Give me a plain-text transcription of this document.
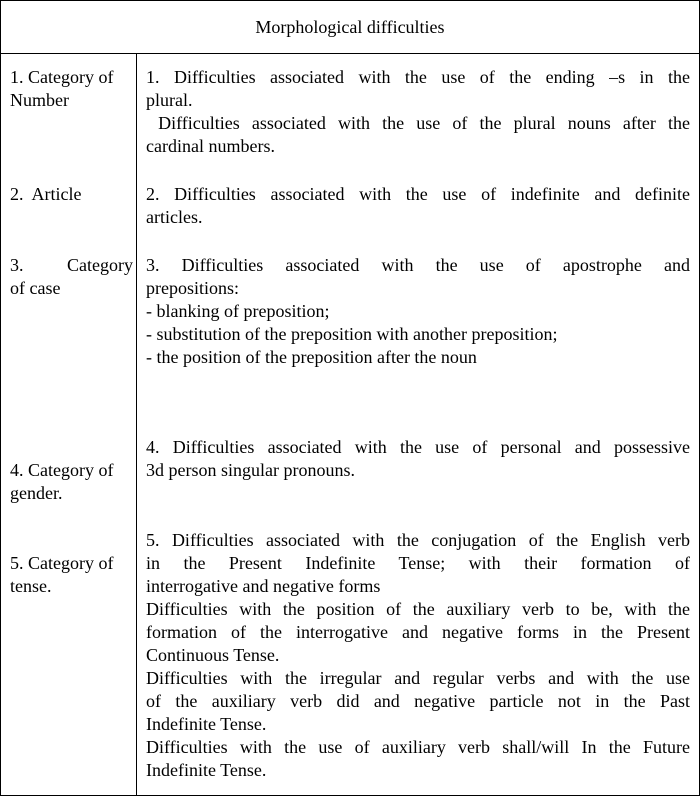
Morphological difficulties

1. Category of

Number

1. Difficulties associated with the use of the ending –s in the

plural.

Difficulties associated with the use of the plural nouns after the

cardinal numbers.

2.  Article	2. Difficulties associated with the use of indefinite and definite

articles.

3. Category

of case

3. Difficulties associated with the use of apostrophe and

prepositions:

- blanking of preposition;

- substitution of the preposition with another preposition;

- the position of the preposition after the noun

4. Category of

gender.

4. Difficulties associated with the use of personal and possessive

3d person singular pronouns.

5. Category of

tense.

5. Difficulties associated with the conjugation of the English verb

in the Present Indefinite Tense; with their formation of

interrogative and negative forms

Difficulties with the position of the auxiliary verb to be, with the

formation of the interrogative and negative forms in the Present

Continuous Tense.

Difficulties with the irregular and regular verbs and with the use

of the auxiliary verb did and negative particle not in the Past

Indefinite Tense.

Difficulties with the use of auxiliary verb shall/will In the Future

Indefinite Tense.
